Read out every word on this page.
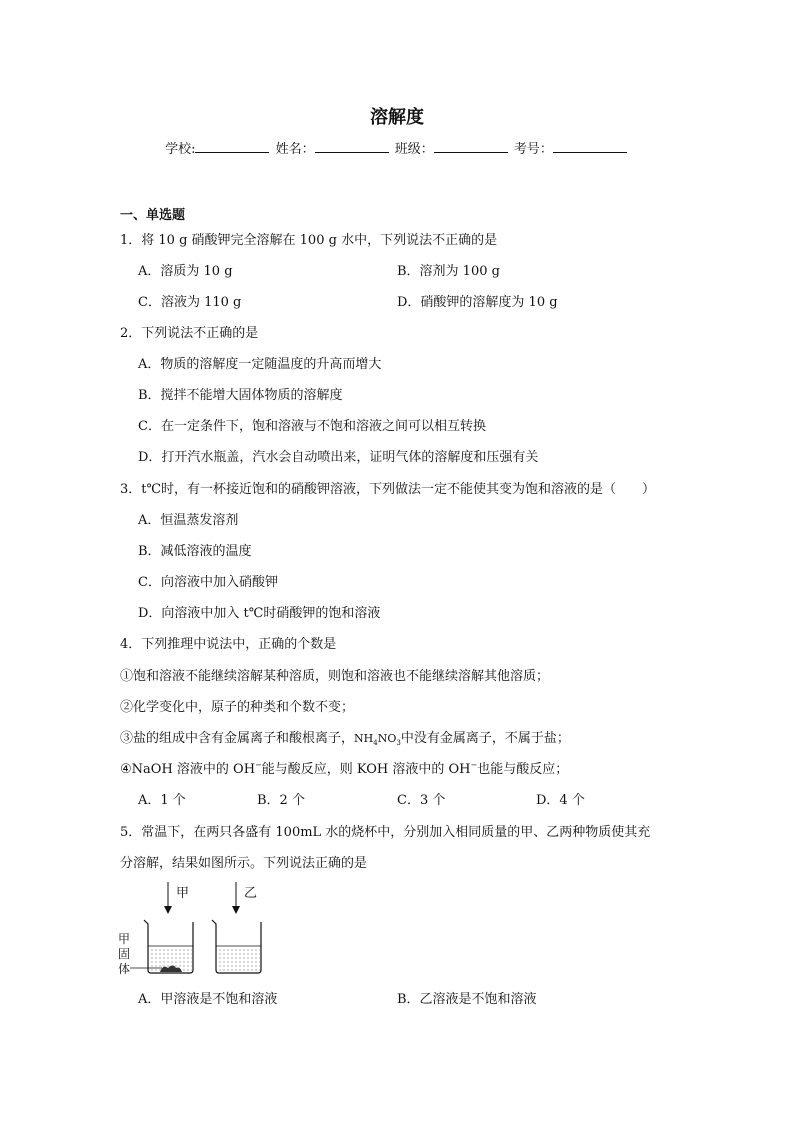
溶解度
学校:	姓名：	班级：	考号：
一、单选题
1．将 10 g 硝酸钾完全溶解在 100 g 水中，下列说法不正确的是
A．溶质为 10 g	B．溶剂为 100 g
C．溶液为 110 g	D．硝酸钾的溶解度为 10 g
2．下列说法不正确的是
A．物质的溶解度一定随温度的升高而增大
B．搅拌不能增大固体物质的溶解度
C．在一定条件下，饱和溶液与不饱和溶液之间可以相互转换
D．打开汽水瓶盖，汽水会自动喷出来，证明气体的溶解度和压强有关
3．t℃时，有一杯接近饱和的硝酸钾溶液，下列做法一定不能使其变为饱和溶液的是（　　）
A．恒温蒸发溶剂
B．减低溶液的温度
C．向溶液中加入硝酸钾
D．向溶液中加入 t℃时硝酸钾的饱和溶液
4．下列推理中说法中，正确的个数是
①饱和溶液不能继续溶解某种溶质，则饱和溶液也不能继续溶解其他溶质；
②化学变化中，原子的种类和个数不变；
③盐的组成中含有金属离子和酸根离子，$NH_4NO_3$中没有金属离子，不属于盐；
④NaOH 溶液中的 OH−能与酸反应，则 KOH 溶液中的 OH−也能与酸反应；
A．1 个	B．2 个	C．3 个	D．4 个
5．常温下，在两只各盛有 100mL 水的烧杯中，分别加入相同质量的甲、乙两种物质使其充
分溶解，结果如图所示。下列说法正确的是
甲	乙
甲
固
体
A．甲溶液是不饱和溶液	B．乙溶液是不饱和溶液
